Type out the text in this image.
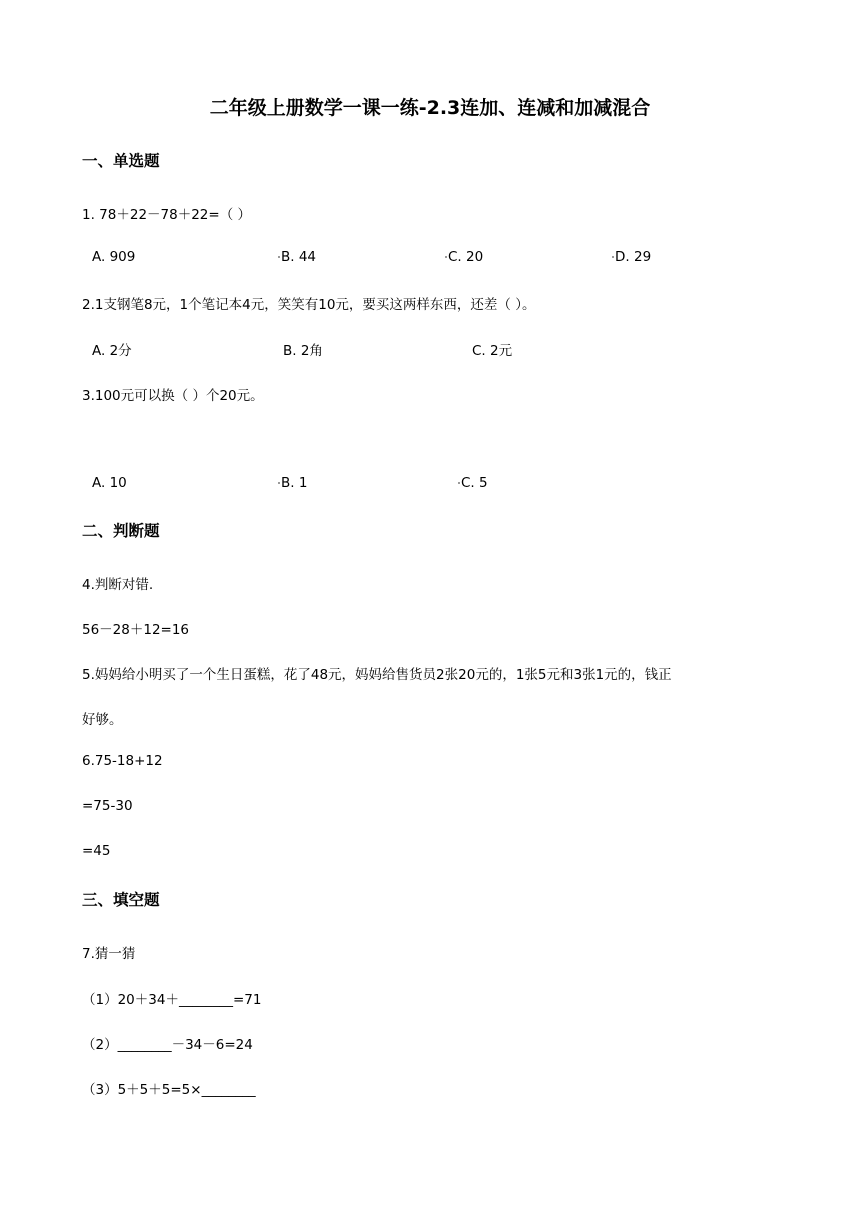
二年级上册数学一课一练-2.3连加、连减和加减混合
一、单选题
1. 78＋22－78＋22=（ ）
A. 909	B. 44	C. 20	D. 29
2.1支钢笔8元，1个笔记本4元，笑笑有10元，要买这两样东西，还差（ ）。
A. 2分	B. 2角	C. 2元
3.100元可以换（ ）个20元。
A. 10	B. 1	C. 5
二、判断题
4.判断对错.
56－28＋12=16
5.妈妈给小明买了一个生日蛋糕，花了48元，妈妈给售货员2张20元的，1张5元和3张1元的，钱正
好够。
6.75-18+12
=75-30
=45
三、填空题
7.猜一猜
（1）20＋34＋________=71
（2）________－34－6=24
（3）5＋5＋5=5×________
